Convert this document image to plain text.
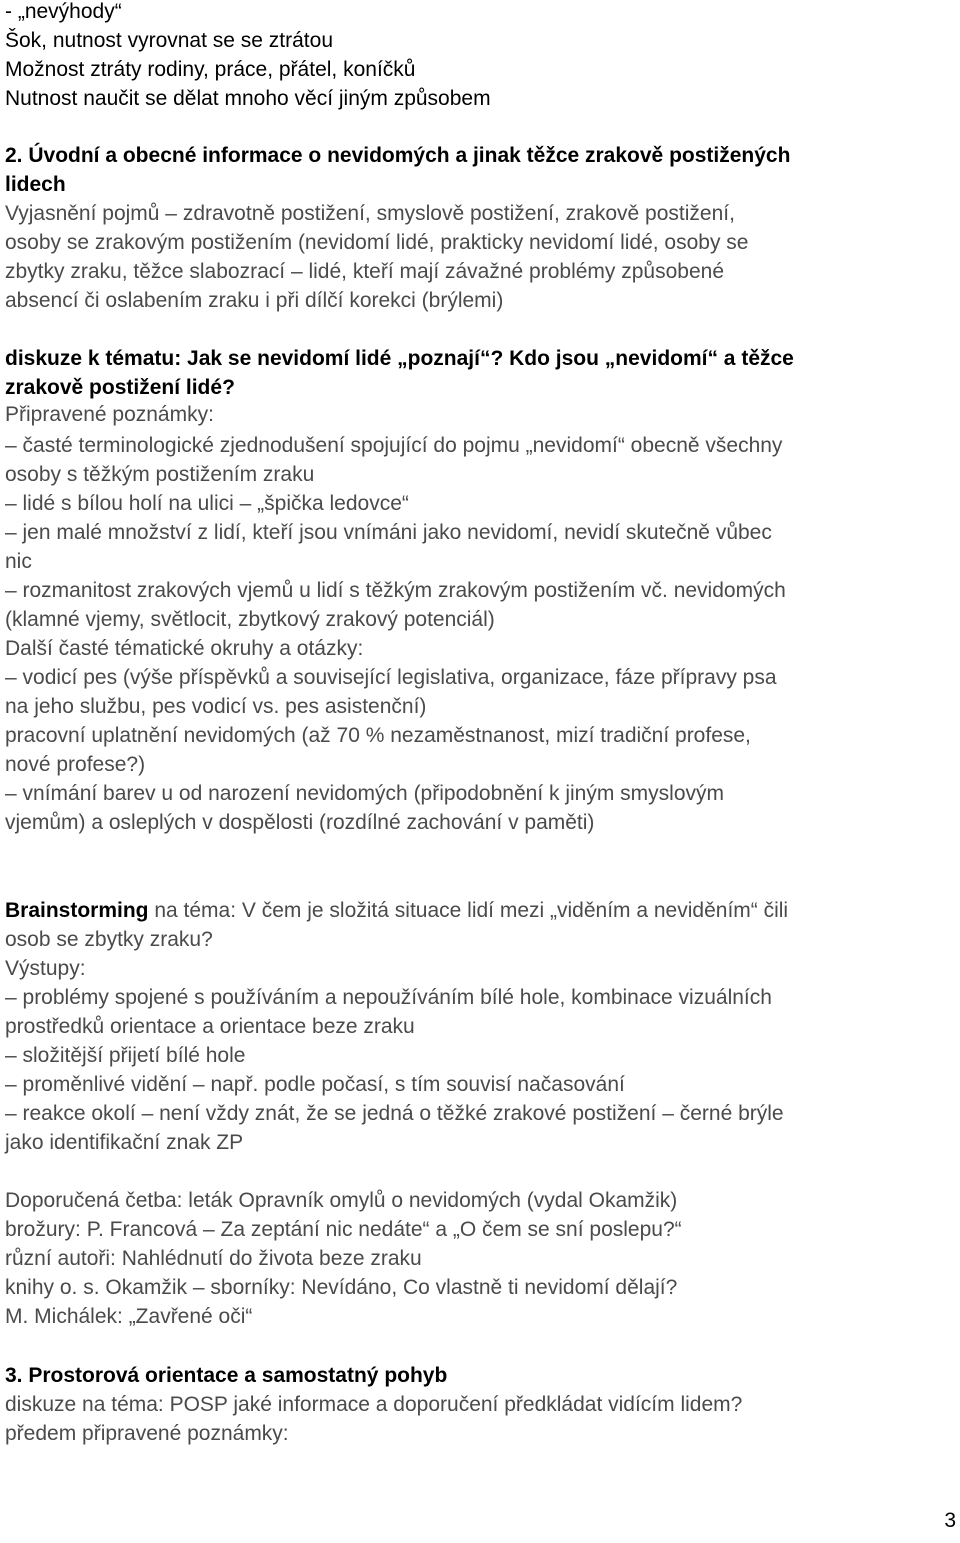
- „nevýhody“
Šok, nutnost vyrovnat se se ztrátou
Možnost ztráty rodiny, práce, přátel, koníčků
Nutnost naučit se dělat mnoho věcí jiným způsobem
2. Úvodní a obecné informace o nevidomých a jinak těžce zrakově postižených
lidech
Vyjasnění pojmů – zdravotně postižení, smyslově postižení, zrakově postižení,
osoby se zrakovým postižením (nevidomí lidé, prakticky nevidomí lidé, osoby se
zbytky zraku, těžce slabozrací – lidé, kteří mají závažné problémy způsobené
absencí či oslabením zraku i při dílčí korekci (brýlemi)
diskuze k tématu: Jak se nevidomí lidé „poznají“? Kdo jsou „nevidomí“ a těžce
zrakově postižení lidé?
Připravené poznámky:
– časté terminologické zjednodušení spojující do pojmu „nevidomí“ obecně všechny
osoby s těžkým postižením zraku
– lidé s bílou holí na ulici – „špička ledovce“
– jen malé množství z lidí, kteří jsou vnímáni jako nevidomí, nevidí skutečně vůbec
nic
– rozmanitost zrakových vjemů u lidí s těžkým zrakovým postižením vč. nevidomých
(klamné vjemy, světlocit, zbytkový zrakový potenciál)
Další časté tématické okruhy a otázky:
– vodicí pes (výše příspěvků a související legislativa, organizace, fáze přípravy psa
na jeho službu, pes vodicí vs. pes asistenční)
pracovní uplatnění nevidomých (až 70 % nezaměstnanost, mizí tradiční profese,
nové profese?)
– vnímání barev u od narození nevidomých (připodobnění k jiným smyslovým
vjemům) a osleplých v dospělosti (rozdílné zachování v paměti)
Brainstorming na téma: V čem je složitá situace lidí mezi „viděním a neviděním“ čili
osob se zbytky zraku?
Výstupy:
– problémy spojené s používáním a nepoužíváním bílé hole, kombinace vizuálních
prostředků orientace a orientace beze zraku
– složitější přijetí bílé hole
– proměnlivé vidění – např. podle počasí, s tím souvisí načasování
– reakce okolí – není vždy znát, že se jedná o těžké zrakové postižení – černé brýle
jako identifikační znak ZP
Doporučená četba: leták Opravník omylů o nevidomých (vydal Okamžik)
brožury: P. Francová – Za zeptání nic nedáte“ a „O čem se sní poslepu?“
různí autoři: Nahlédnutí do života beze zraku
knihy o. s. Okamžik – sborníky: Nevídáno, Co vlastně ti nevidomí dělají?
M. Michálek: „Zavřené oči“
3. Prostorová orientace a samostatný pohyb
diskuze na téma: POSP jaké informace a doporučení předkládat vidícím lidem?
předem připravené poznámky:
3
